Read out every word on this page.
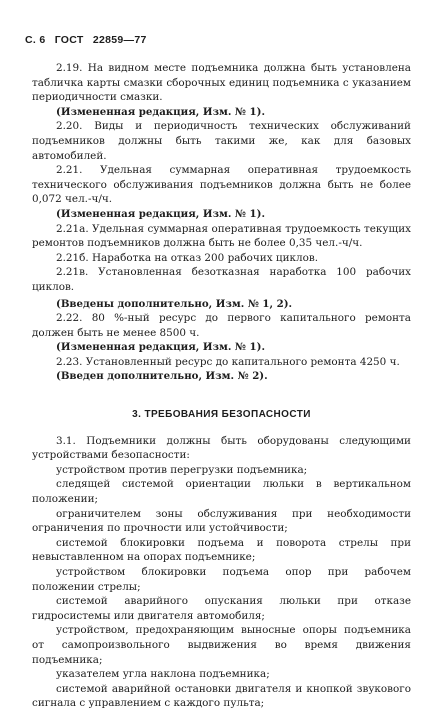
С. 6 ГОСТ 22859—77

2.19. На видном месте подъемника должна быть установлена табличка карты смазки сборочных единиц подъемника с указанием периодичности смазки.

(Измененная редакция, Изм. № 1).

2.20. Виды и периодичность технических обслуживаний подъемников должны быть такими же, как для базовых автомобилей.

2.21. Удельная суммарная оперативная трудоемкость технического обслуживания подъемников должна быть не более 0,072 чел.-ч/ч.

(Измененная редакция, Изм. № 1).

2.21а. Удельная суммарная оперативная трудоемкость текущих ремонтов подъемников должна быть не более 0,35 чел.-ч/ч.

2.21б. Наработка на отказ 200 рабочих циклов.

2.21в. Установленная безотказная наработка 100 рабочих циклов.

(Введены дополнительно, Изм. № 1, 2).

2.22. 80 %-ный ресурс до первого капитального ремонта должен быть не менее 8500 ч.

(Измененная редакция, Изм. № 1).

2.23. Установленный ресурс до капитального ремонта 4250 ч.

(Введен дополнительно, Изм. № 2).

3. ТРЕБОВАНИЯ БЕЗОПАСНОСТИ

3.1. Подъемники должны быть оборудованы следующими устройствами безопасности:

устройством против перегрузки подъемника;

следящей системой ориентации люльки в вертикальном положении;

ограничителем зоны обслуживания при необходимости ограничения по прочности или устойчивости;

системой блокировки подъема и поворота стрелы при невыставленном на опорах подъемнике;

устройством блокировки подъема опор при рабочем положении стрелы;

системой аварийного опускания люльки при отказе гидросистемы или двигателя автомобиля;

устройством, предохраняющим выносные опоры подъемника от самопроизвольного выдвижения во время движения подъемника;

указателем угла наклона подъемника;

системой аварийной остановки двигателя и кнопкой звукового сигнала с управлением с каждого пульта;
